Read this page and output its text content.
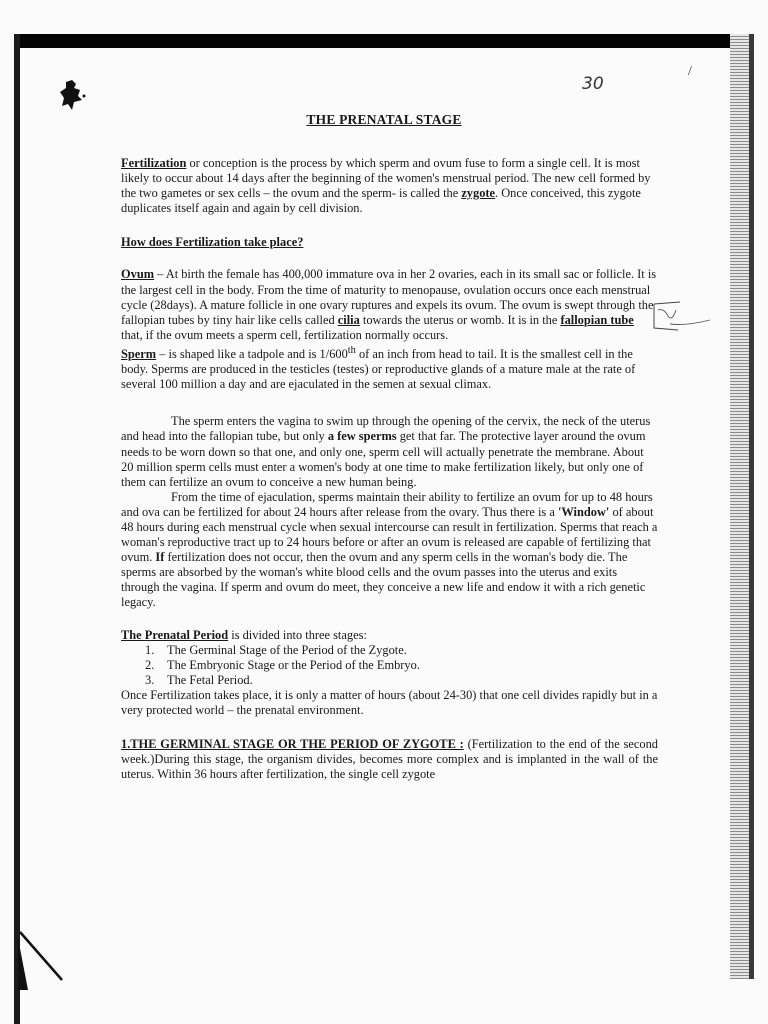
30
/
THE PRENATAL STAGE

Fertilization or conception is the process by which sperm and ovum fuse to form a single cell. It is most likely to occur about 14 days after the beginning of the women's menstrual period. The new cell formed by the two gametes or sex cells – the ovum and the sperm- is called the zygote. Once conceived, this zygote duplicates itself again and again by cell division.

How does Fertilization take place?

Ovum – At birth the female has 400,000 immature ova in her 2 ovaries, each in its small sac or follicle. It is the largest cell in the body. From the time of maturity to menopause, ovulation occurs once each menstrual cycle (28days). A mature follicle in one ovary ruptures and expels its ovum. The ovum is swept through the fallopian tubes by tiny hair like cells called cilia towards the uterus or womb. It is in the fallopian tube that, if the ovum meets a sperm cell, fertilization normally occurs.

Sperm – is shaped like a tadpole and is 1/600th of an inch from head to tail. It is the smallest cell in the body. Sperms are produced in the testicles (testes) or reproductive glands of a mature male at the rate of several 100 million a day and are ejaculated in the semen at sexual climax.

The sperm enters the vagina to swim up through the opening of the cervix, the neck of the uterus and head into the fallopian tube, but only a few sperms get that far. The protective layer around the ovum needs to be worn down so that one, and only one, sperm cell will actually penetrate the membrane. About 20 million sperm cells must enter a women's body at one time to make fertilization likely, but only one of them can fertilize an ovum to conceive a new human being.

From the time of ejaculation, sperms maintain their ability to fertilize an ovum for up to 48 hours and ova can be fertilized for about 24 hours after release from the ovary. Thus there is a 'Window' of about 48 hours during each menstrual cycle when sexual intercourse can result in fertilization. Sperms that reach a woman's reproductive tract up to 24 hours before or after an ovum is released are capable of fertilizing that ovum. If fertilization does not occur, then the ovum and any sperm cells in the woman's body die. The sperms are absorbed by the woman's white blood cells and the ovum passes into the uterus and exits through the vagina. If sperm and ovum do meet, they conceive a new life and endow it with a rich genetic legacy.

The Prenatal Period is divided into three stages:

1. The Germinal Stage of the Period of the Zygote.
2. The Embryonic Stage or the Period of the Embryo.
3. The Fetal Period.

Once Fertilization takes place, it is only a matter of hours (about 24-30) that one cell divides rapidly but in a very protected world – the prenatal environment.

1.THE GERMINAL STAGE OR THE PERIOD OF ZYGOTE : (Fertilization to the end of the second week.)During this stage, the organism divides, becomes more complex and is implanted in the wall of the uterus. Within 36 hours after fertilization, the single cell zygote
